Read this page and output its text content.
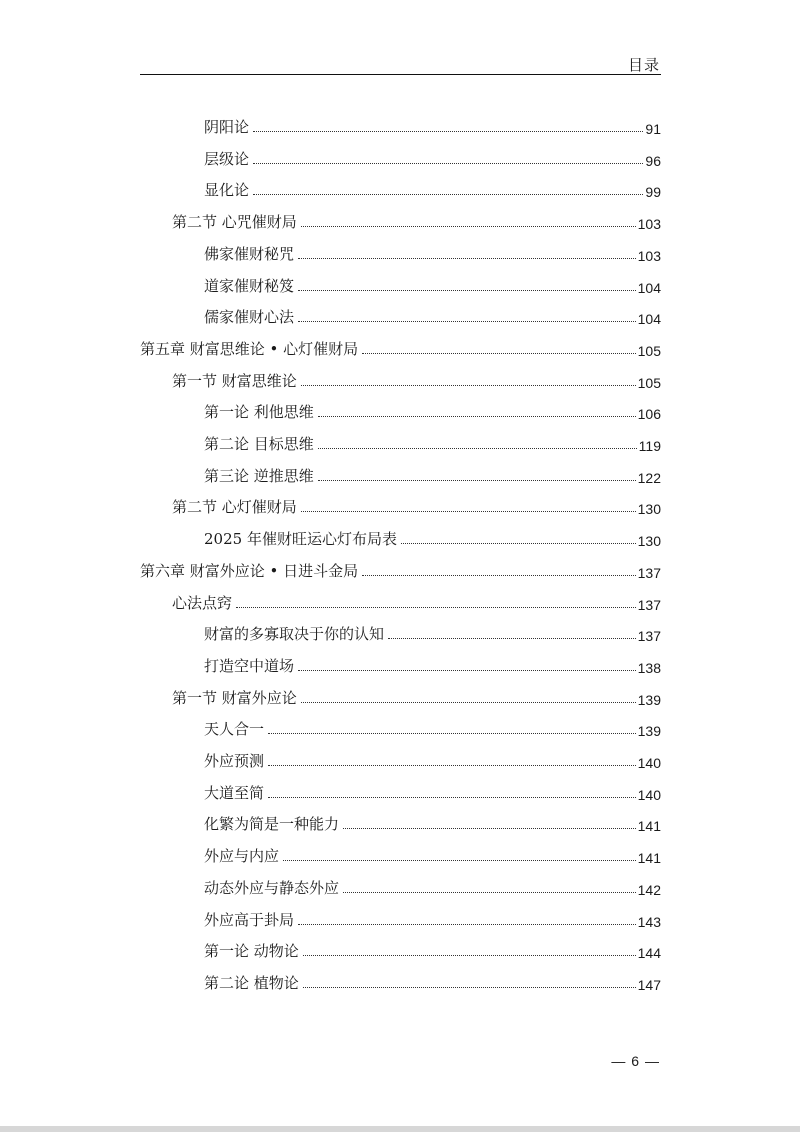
目录
阴阳论	91
层级论	96
显化论	99
第二节 心咒催财局	103
佛家催财秘咒	103
道家催财秘笈	104
儒家催财心法	104
第五章 财富思维论 • 心灯催财局	105
第一节 财富思维论	105
第一论 利他思维	106
第二论 目标思维	119
第三论 逆推思维	122
第二节 心灯催财局	130
2025 年催财旺运心灯布局表	130
第六章 财富外应论 • 日进斗金局	137
心法点窍	137
财富的多寡取决于你的认知	137
打造空中道场	138
第一节 财富外应论	139
天人合一	139
外应预测	140
大道至简	140
化繁为简是一种能力	141
外应与内应	141
动态外应与静态外应	142
外应高于卦局	143
第一论 动物论	144
第二论 植物论	147
— 6 —
